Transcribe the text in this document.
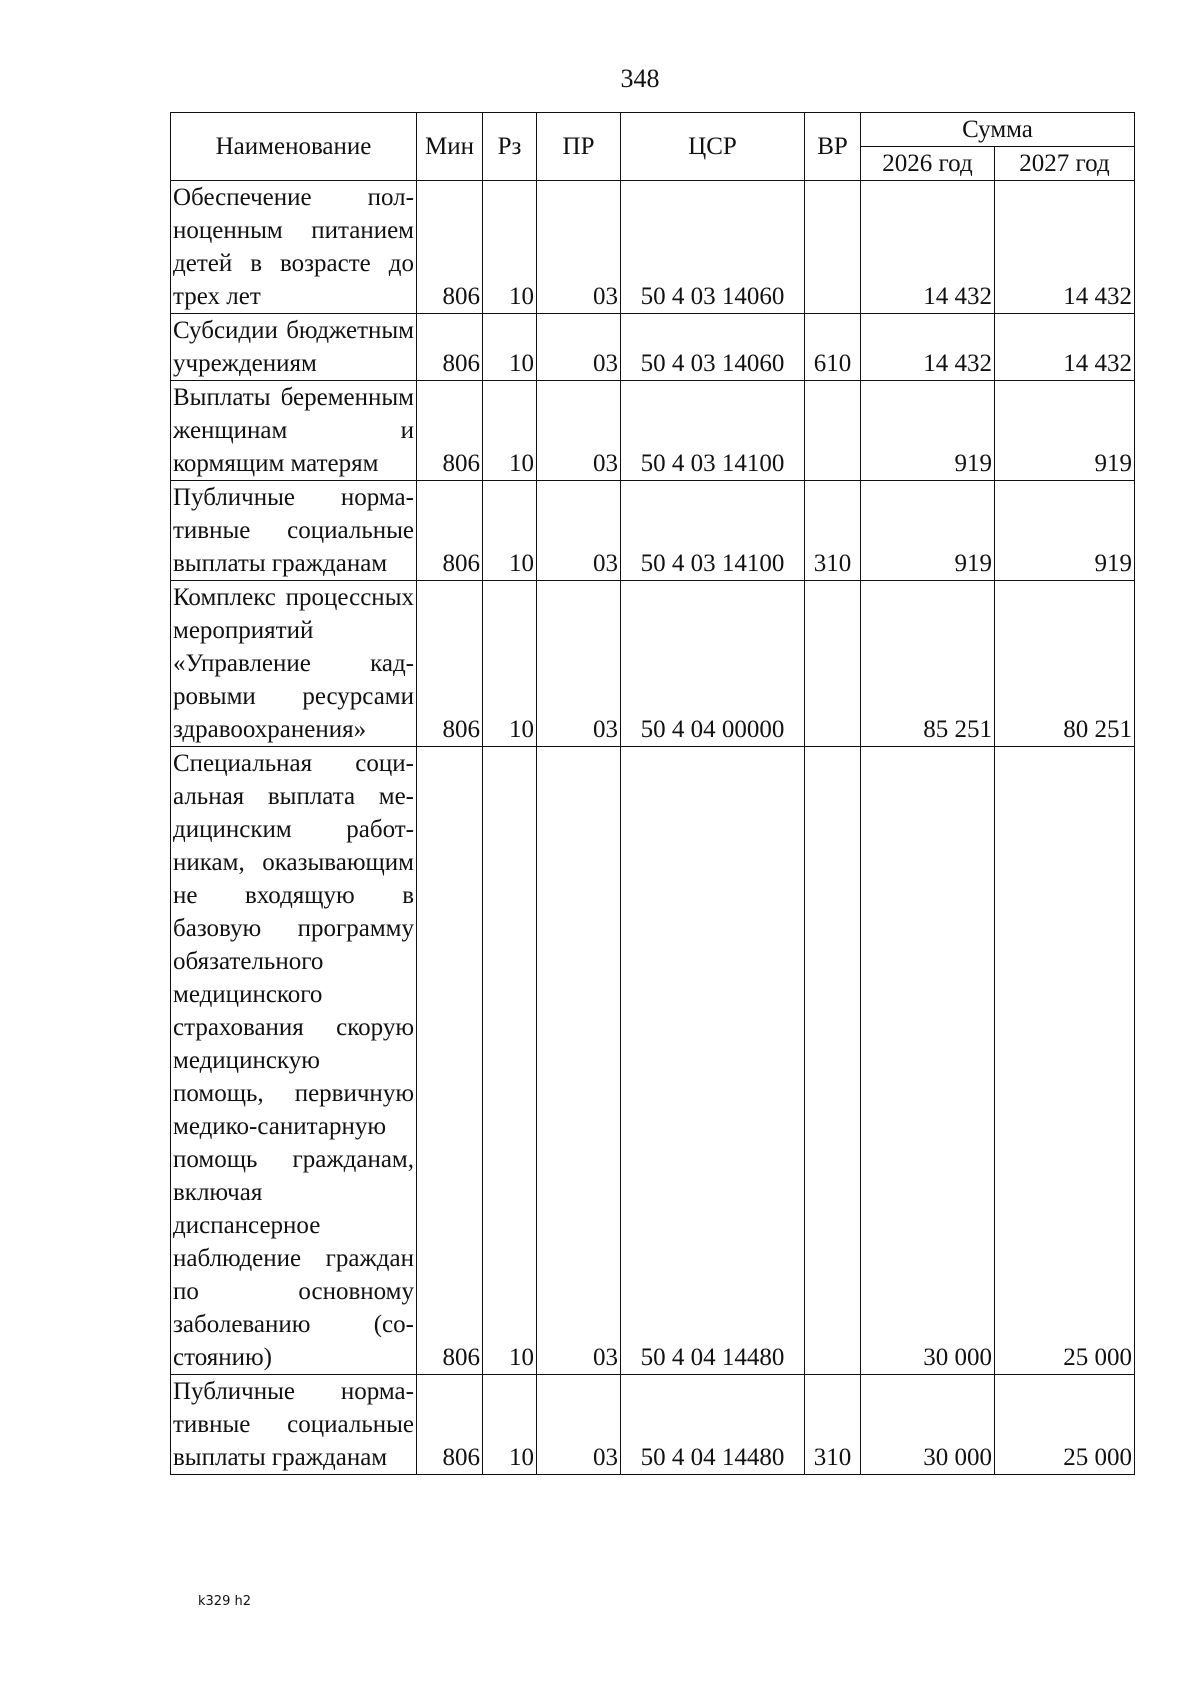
348
Наименование	Мин	Рз	ПР	ЦСР	ВР	Сумма	
						2026 год	2027 год
Обеспечение полноценным питанием детей в возрасте до трех лет	806	10	03	50 4 03 14060		14 432	14 432
Субсидии бюджетным учреждениям	806	10	03	50 4 03 14060	610	14 432	14 432
Выплаты беременным женщинам и кормящим матерям	806	10	03	50 4 03 14100		919	919
Публичные нормативные социальные выплаты гражданам	806	10	03	50 4 03 14100	310	919	919
Комплекс процессных мероприятий «Управление кадровыми ресурсами здравоохранения»	806	10	03	50 4 04 00000		85 251	80 251
Специальная социальная выплата медицинским работникам, оказывающим не входящую в базовую программу обязательного медицинского страхования скорую медицинскую помощь, первичную медико-санитарную помощь гражданам, включая диспансерное наблюдение граждан по основному заболеванию (состоянию)	806	10	03	50 4 04 14480		30 000	25 000
Публичные нормативные социальные выплаты гражданам	806	10	03	50 4 04 14480	310	30 000	25 000
k329 h2
